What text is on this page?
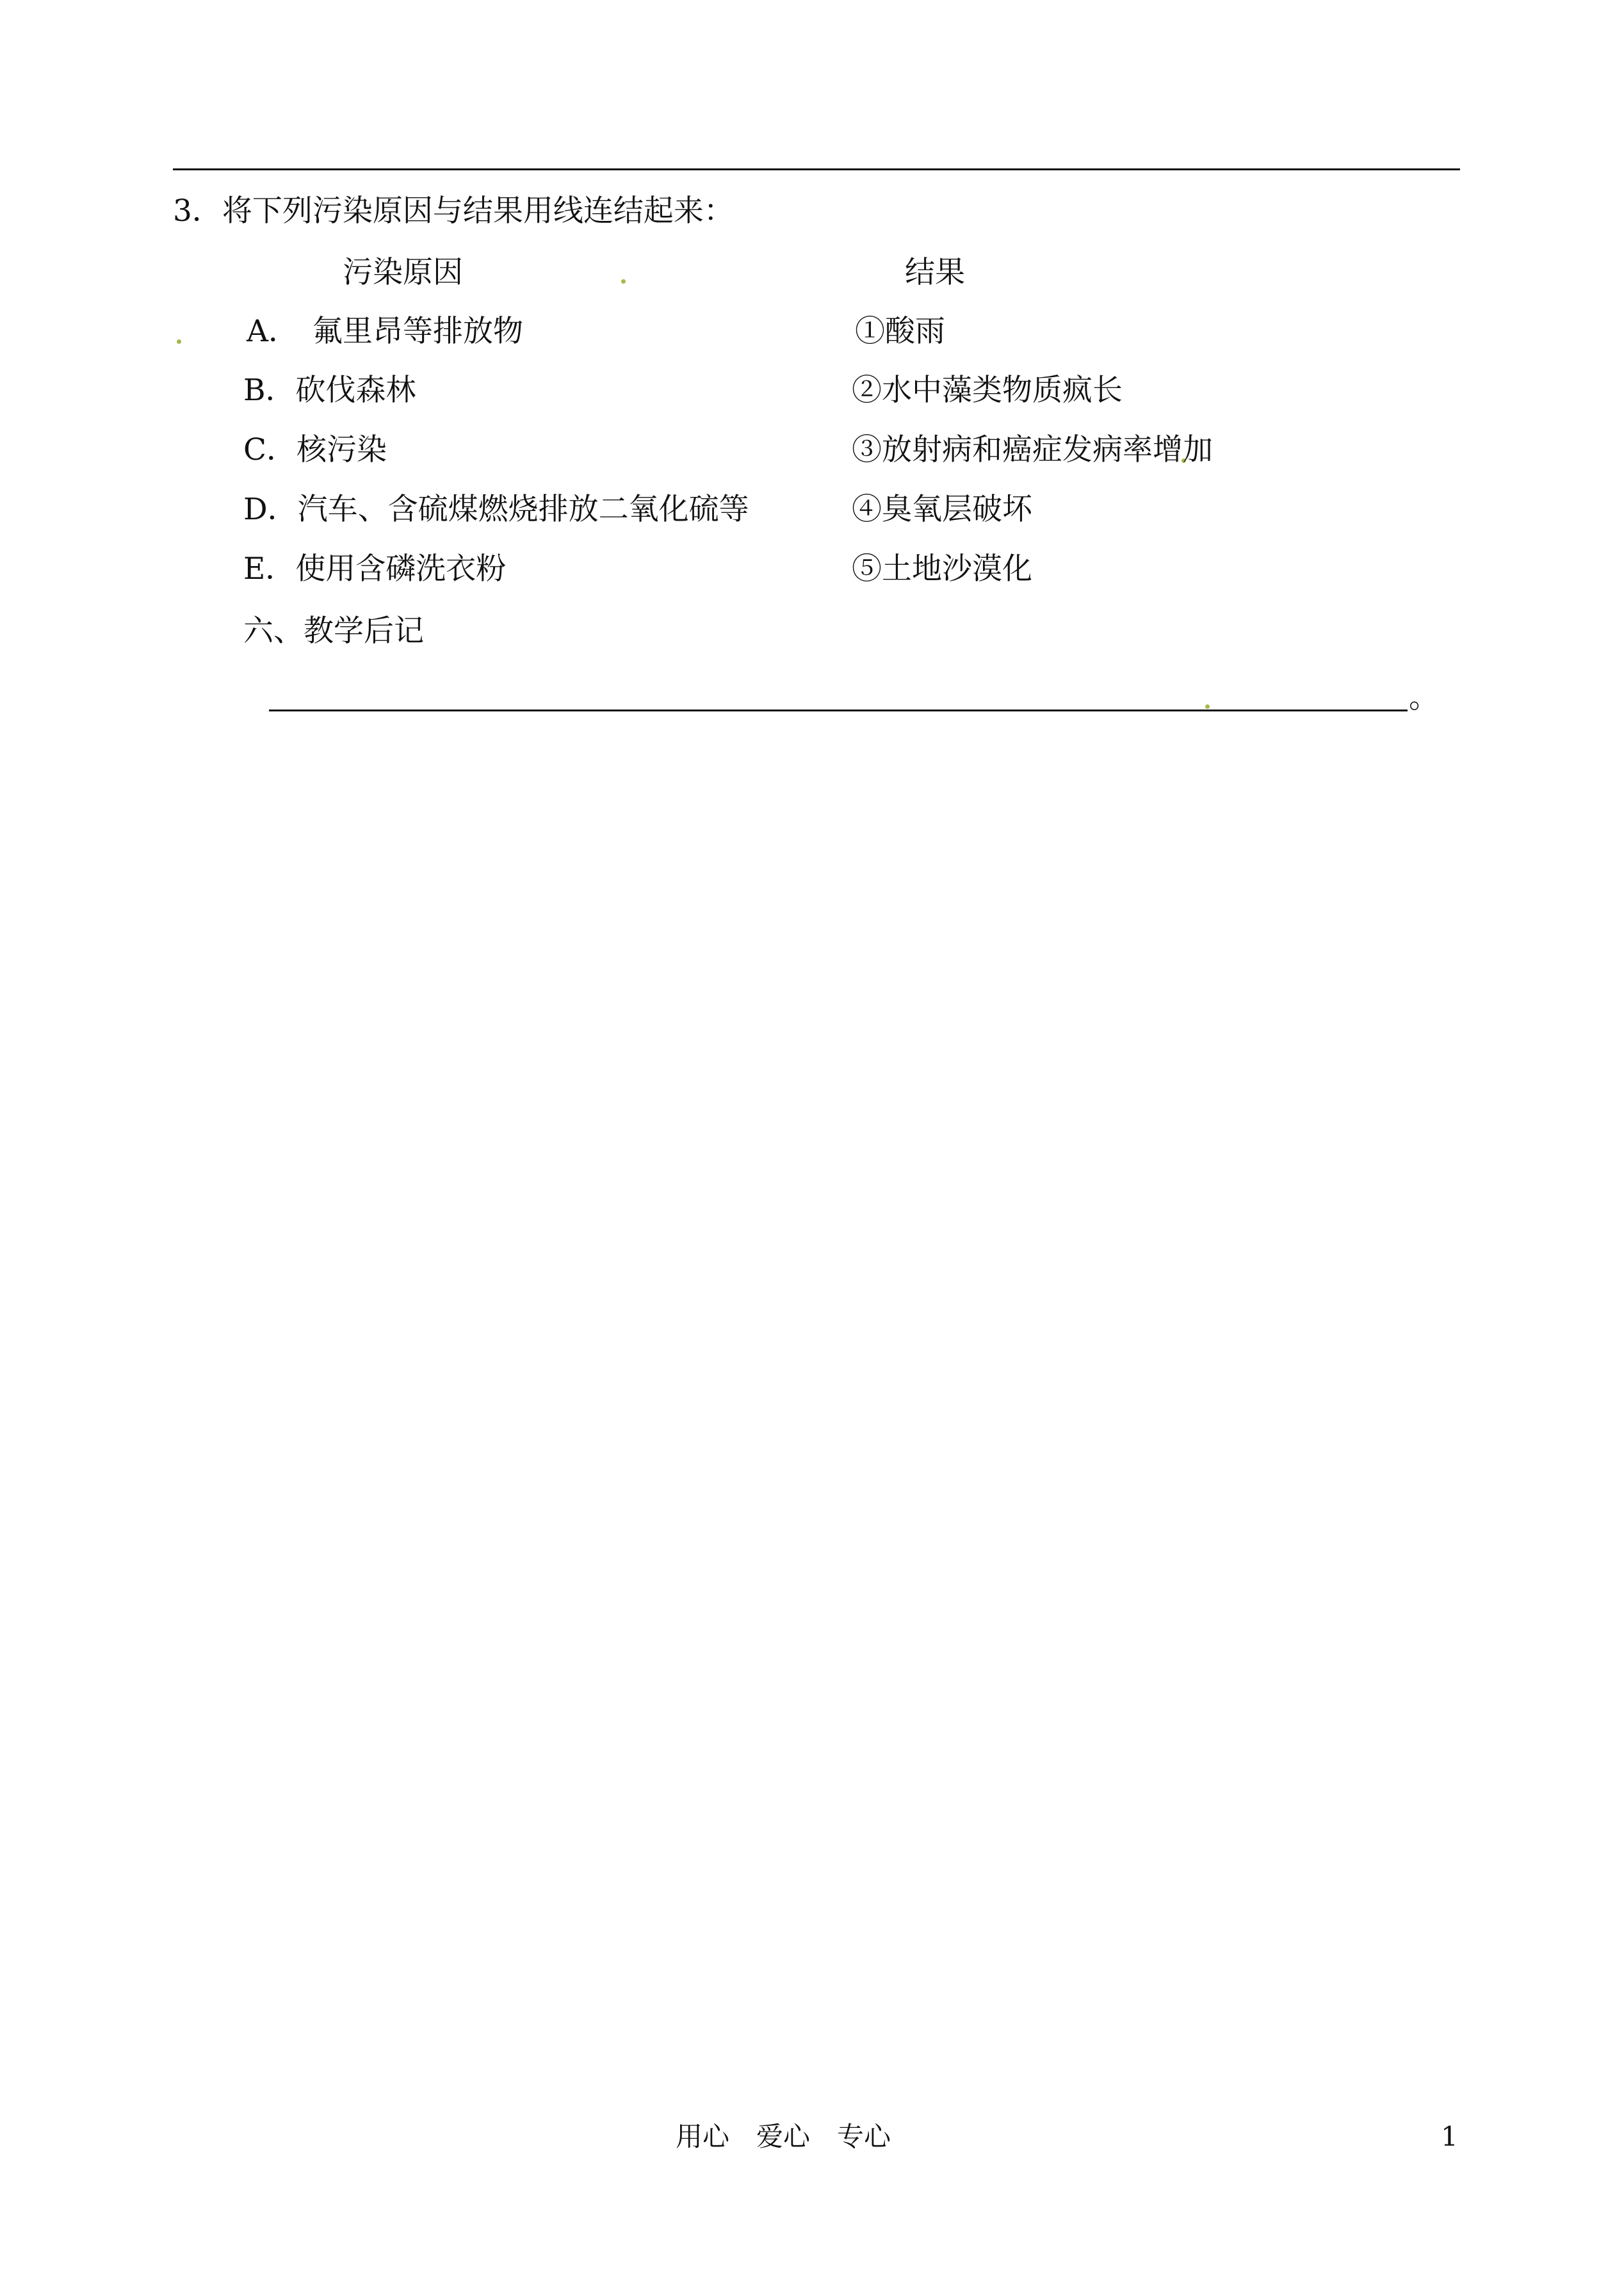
3．将下列污染原因与结果用线连结起来：
污染原因	结果
A． 氟里昂等排放物
B．砍伐森林
C．核污染
D．汽车、含硫煤燃烧排放二氧化硫等
E．使用含磷洗衣粉
①酸雨
②水中藻类物质疯长
③放射病和癌症发病率增加
④臭氧层破坏
⑤土地沙漠化
六、教学后记
。
用心　爱心　专心	1
